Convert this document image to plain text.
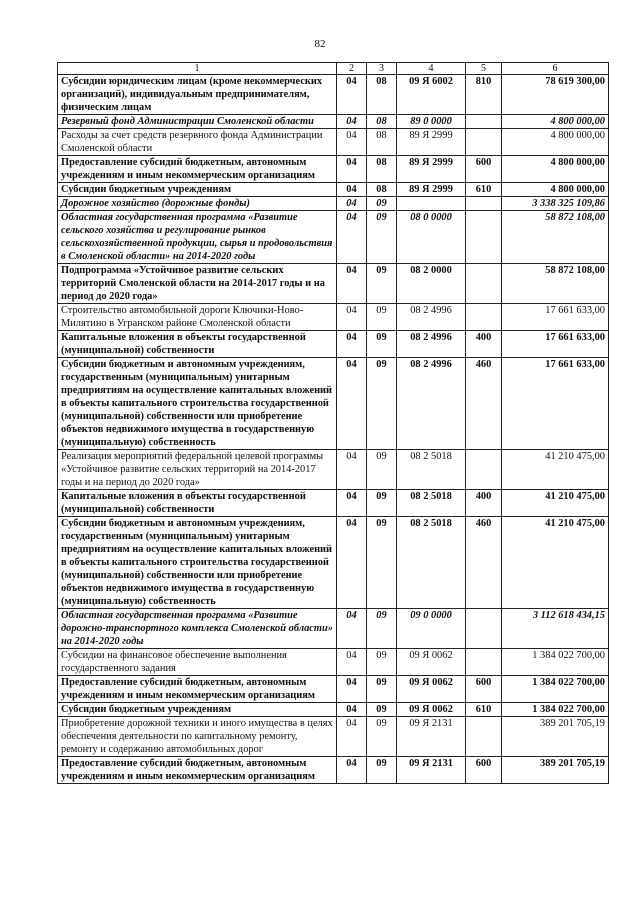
82
1	2	3	4	5	6
Субсидии юридическим лицам (кроме некоммерческих организаций), индивидуальным предпринимателям, физическим лицам	04	08	09 Я 6002	810	78 619 300,00
Резервный фонд Администрации Смоленской области	04	08	89 0 0000		4 800 000,00
Расходы за счет средств резервного фонда Администрации Смоленской области	04	08	89 Я 2999		4 800 000,00
Предоставление субсидий бюджетным, автономным учреждениям и иным некоммерческим организациям	04	08	89 Я 2999	600	4 800 000,00
Субсидии бюджетным учреждениям	04	08	89 Я 2999	610	4 800 000,00
Дорожное хозяйство (дорожные фонды)	04	09			3 338 325 109,86
Областная государственная программа «Развитие сельского хозяйства и регулирование рынков сельскохозяйственной продукции, сырья и продовольствия в Смоленской области» на 2014-2020 годы	04	09	08 0 0000		58 872 108,00
Подпрограмма «Устойчивое развитие сельских территорий Смоленской области на 2014-2017 годы и на период до 2020 года»	04	09	08 2 0000		58 872 108,00
Строительство автомобильной дороги Ключики-Ново-Милятино в Угранском районе Смоленской области	04	09	08 2 4996		17 661 633,00
Капитальные вложения в объекты государственной (муниципальной) собственности	04	09	08 2 4996	400	17 661 633,00
Субсидии бюджетным и автономным учреждениям, государственным (муниципальным) унитарным предприятиям на осуществление капитальных вложений в объекты капитального строительства государственной (муниципальной) собственности или приобретение объектов недвижимого имущества в государственную (муниципальную) собственность	04	09	08 2 4996	460	17 661 633,00
Реализация мероприятий федеральной целевой программы «Устойчивое развитие сельских территорий на 2014-2017 годы и на период до 2020 года»	04	09	08 2 5018		41 210 475,00
Капитальные вложения в объекты государственной (муниципальной) собственности	04	09	08 2 5018	400	41 210 475,00
Субсидии бюджетным и автономным учреждениям, государственным (муниципальным) унитарным предприятиям на осуществление капитальных вложений в объекты капитального строительства государственной (муниципальной) собственности или приобретение объектов недвижимого имущества в государственную (муниципальную) собственность	04	09	08 2 5018	460	41 210 475,00
Областная государственная программа «Развитие дорожно-транспортного комплекса Смоленской области» на 2014-2020 годы	04	09	09 0 0000		3 112 618 434,15
Субсидии на финансовое обеспечение выполнения государственного задания	04	09	09 Я 0062		1 384 022 700,00
Предоставление субсидий бюджетным, автономным учреждениям и иным некоммерческим организациям	04	09	09 Я 0062	600	1 384 022 700,00
Субсидии бюджетным учреждениям	04	09	09 Я 0062	610	1 384 022 700,00
Приобретение дорожной техники и иного имущества в целях обеспечения деятельности по капитальному ремонту, ремонту и содержанию автомобильных дорог	04	09	09 Я 2131		389 201 705,19
Предоставление субсидий бюджетным, автономным учреждениям и иным некоммерческим организациям	04	09	09 Я 2131	600	389 201 705,19
